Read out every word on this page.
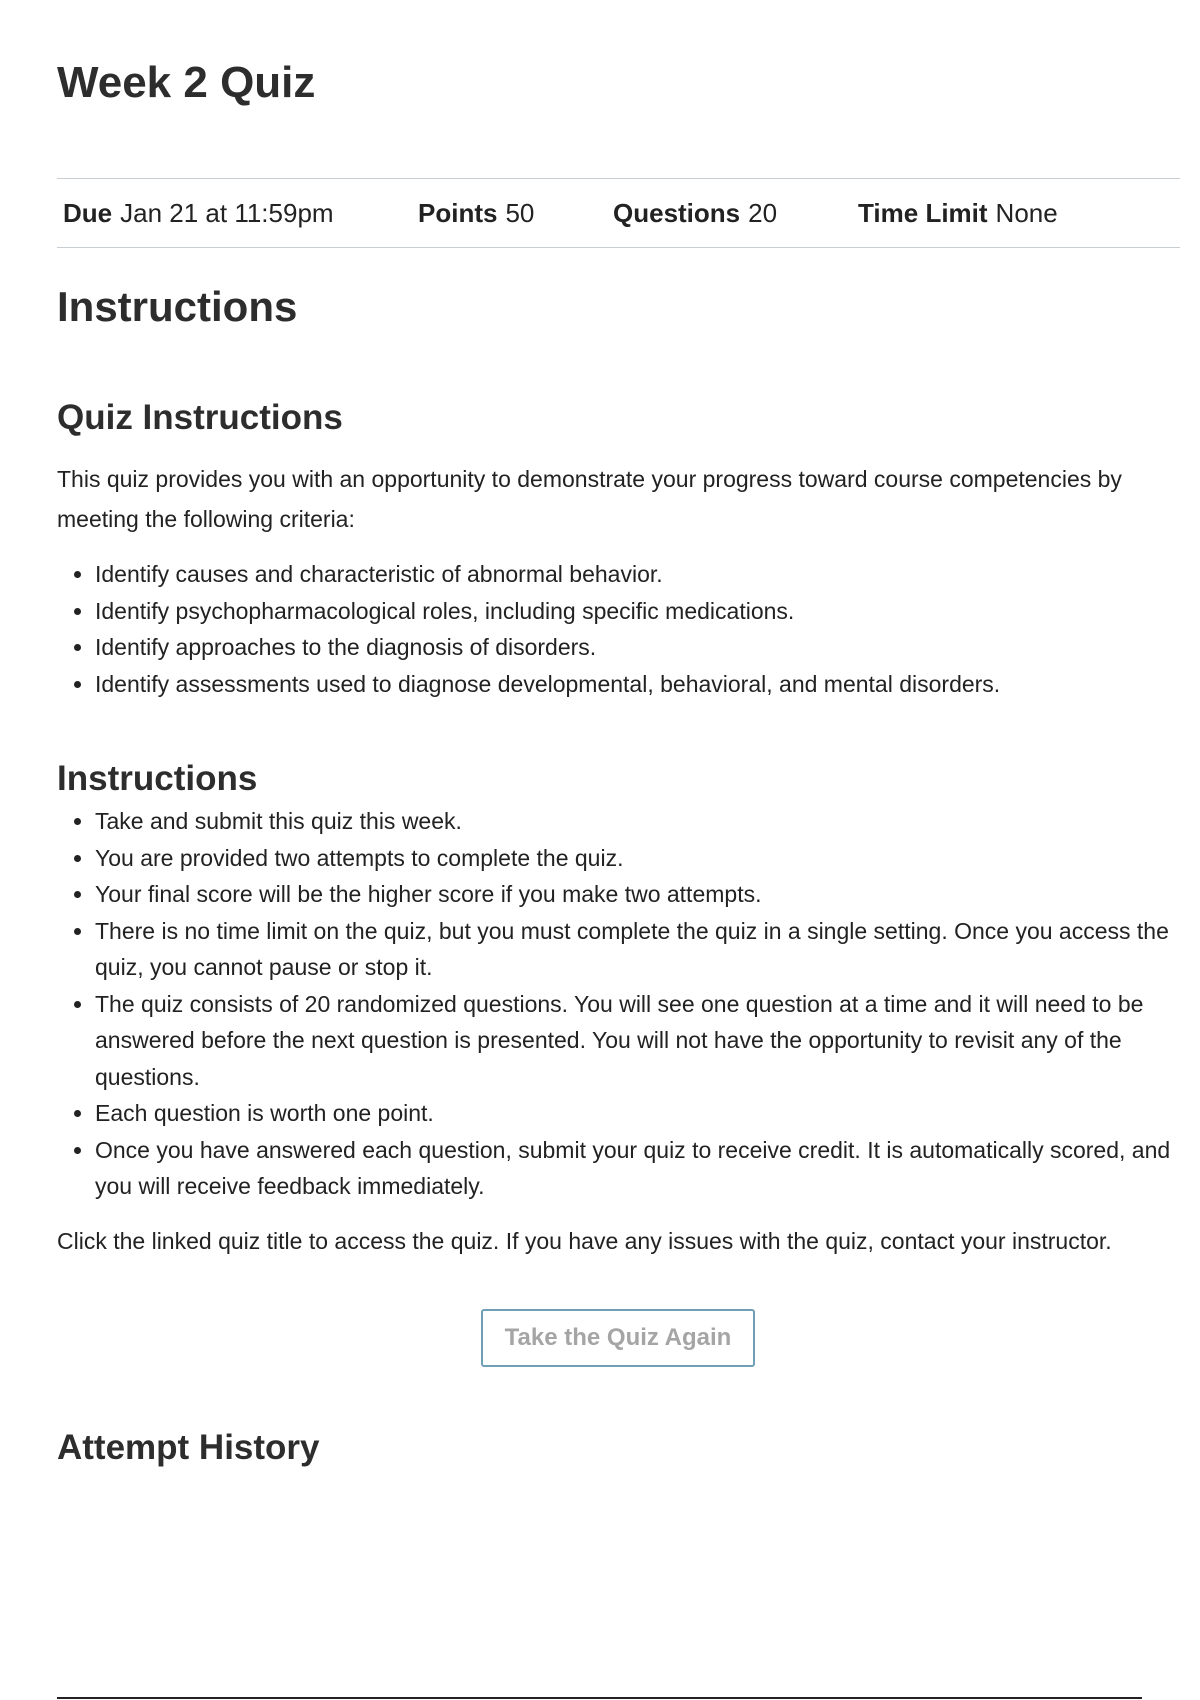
Week 2 Quiz
Due Jan 21 at 11:59pm	Points 50	Questions 20	Time Limit None
Instructions
Quiz Instructions

This quiz provides you with an opportunity to demonstrate your progress toward course competencies by meeting the following criteria:

• Identify causes and characteristic of abnormal behavior.
• Identify psychopharmacological roles, including specific medications.
• Identify approaches to the diagnosis of disorders.
• Identify assessments used to diagnose developmental, behavioral, and mental disorders.
Instructions
• Take and submit this quiz this week.
• You are provided two attempts to complete the quiz.
• Your final score will be the higher score if you make two attempts.
• There is no time limit on the quiz, but you must complete the quiz in a single setting. Once you access the quiz, you cannot pause or stop it.
• The quiz consists of 20 randomized questions. You will see one question at a time and it will need to be answered before the next question is presented. You will not have the opportunity to revisit any of the questions.
• Each question is worth one point.
• Once you have answered each question, submit your quiz to receive credit. It is automatically scored, and you will receive feedback immediately.

Click the linked quiz title to access the quiz. If you have any issues with the quiz, contact your instructor.

Take the Quiz Again
Attempt History
